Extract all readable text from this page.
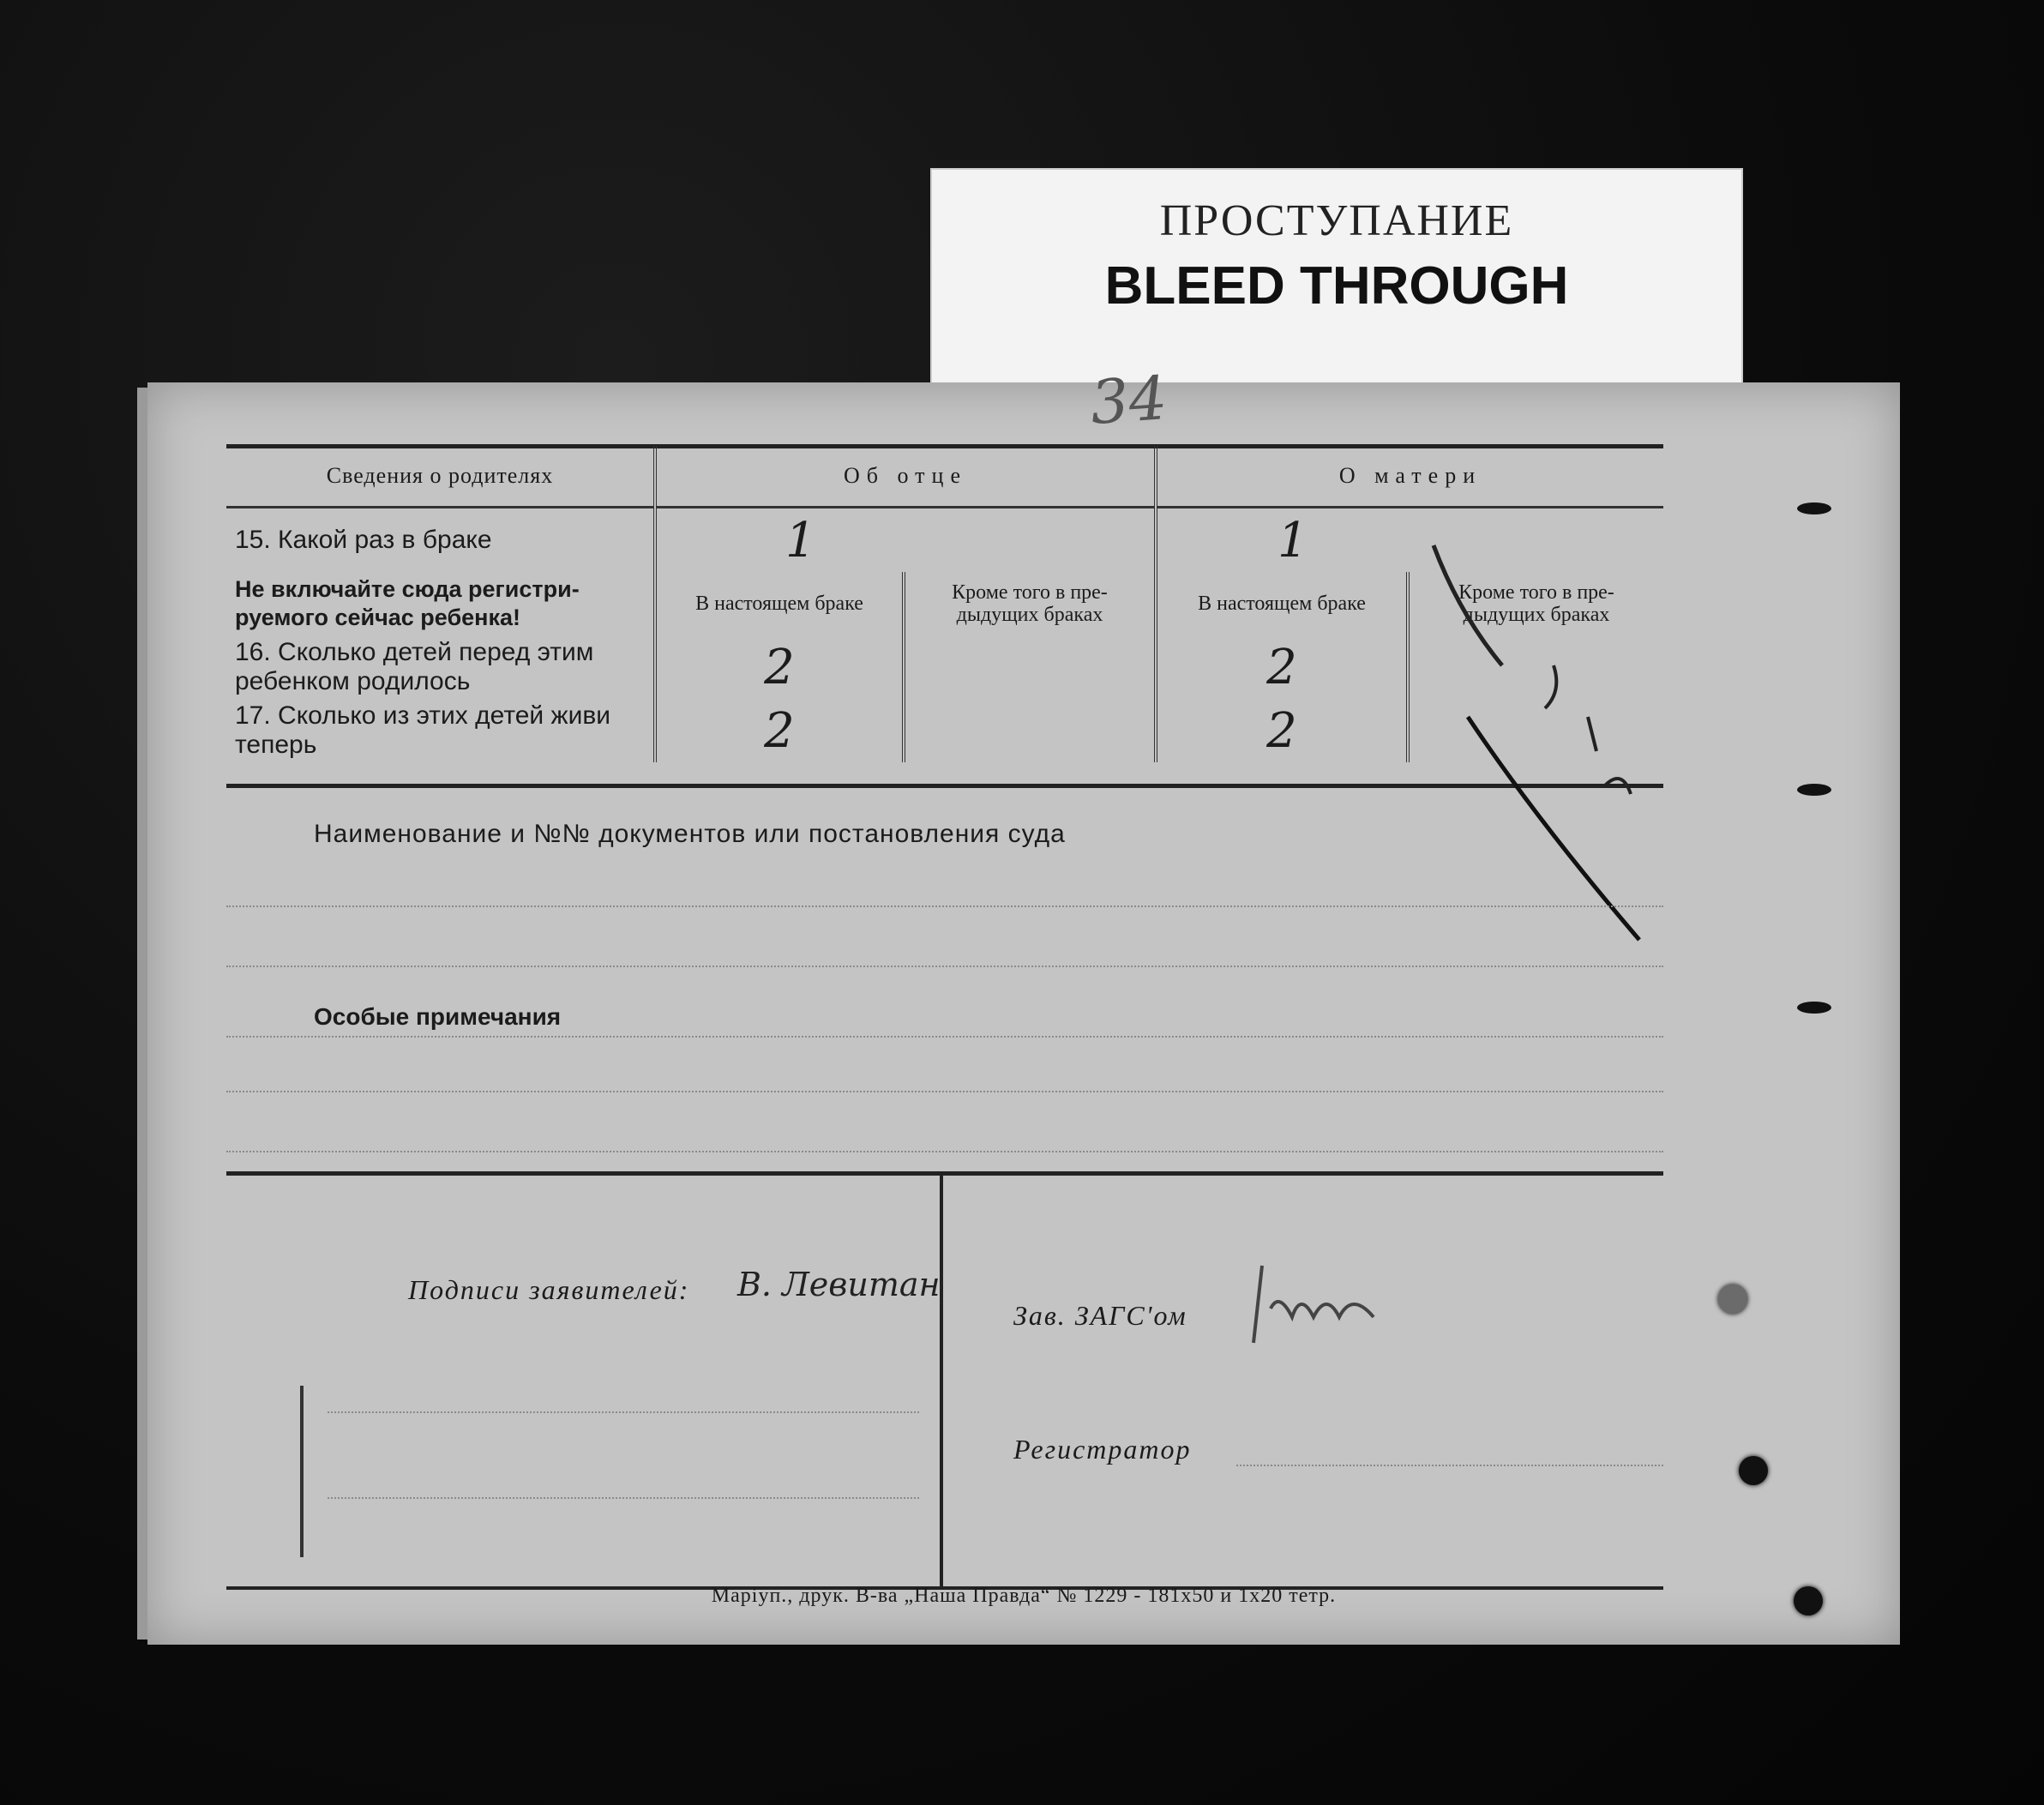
ПРОСТУПАНИЕ
BLEED THROUGH
34
Сведения о родителях	Об отце		О матери	
15. Какой раз в браке	1		1	
Не включайте сюда регистри-руемого сейчас ребенка!	В настоящем браке	Кроме того в пре-дыдущих браках	В настоящем браке	Кроме того в пре-дыдущих браках
16. Сколько детей перед этим ребенком родилось	2		2	
17. Сколько из этих детей живи теперь	2		2	
Наименование и №№ документов или постановления суда
Особые примечания
Подписи заявителей: В. Левитан
Зав. ЗАГС'ом
Регистратор
Маріуп., друк. В-ва „Наша Правда“ № 1229 - 181x50 и 1x20 тетр.
